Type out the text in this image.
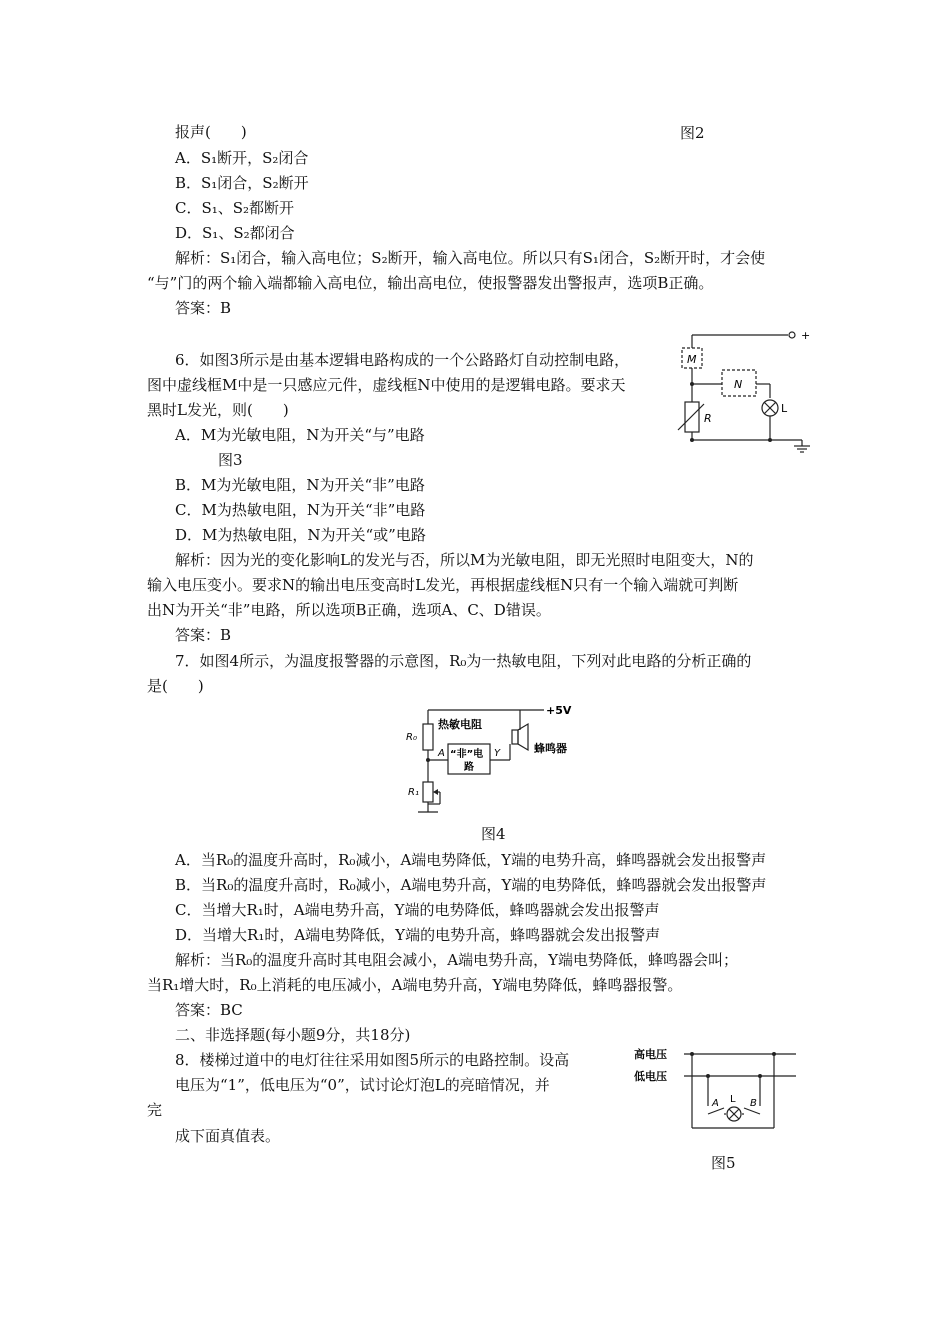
报声(　　)	图2
A．S₁断开，S₂闭合
B．S₁闭合，S₂断开
C．S₁、S₂都断开
D．S₁、S₂都闭合
解析：S₁闭合，输入高电位；S₂断开，输入高电位。所以只有S₁闭合，S₂断开时，才会使
“与”门的两个输入端都输入高电位，输出高电位，使报警器发出警报声，选项B正确。
答案：B
6．如图3所示是由基本逻辑电路构成的一个公路路灯自动控制电路，
图中虚线框M中是一只感应元件，虚线框N中使用的是逻辑电路。要求天
黑时L发光，则(　　)
A．M为光敏电阻，N为开关“与”电路
图3
B．M为光敏电阻，N为开关“非”电路
C．M为热敏电阻，N为开关“非”电路
D．M为热敏电阻，N为开关“或”电路
解析：因为光的变化影响L的发光与否，所以M为光敏电阻，即无光照时电阻变大，N的
输入电压变小。要求N的输出电压变高时L发光，再根据虚线框N只有一个输入端就可判断
出N为开关“非”电路，所以选项B正确，选项A、C、D错误。
答案：B
7．如图4所示，为温度报警器的示意图，R₀为一热敏电阻，下列对此电路的分析正确的
是(　　)
图4
A．当R₀的温度升高时，R₀减小，A端电势降低，Y端的电势升高，蜂鸣器就会发出报警声
B．当R₀的温度升高时，R₀减小，A端电势升高，Y端的电势降低，蜂鸣器就会发出报警声
C．当增大R₁时，A端电势升高，Y端的电势降低，蜂鸣器就会发出报警声
D．当增大R₁时，A端电势降低，Y端的电势升高，蜂鸣器就会发出报警声
解析：当R₀的温度升高时其电阻会减小，A端电势升高，Y端电势降低，蜂鸣器会叫；
当R₁增大时，R₀上消耗的电压减小，A端电势升高，Y端电势降低，蜂鸣器报警。
答案：BC
二、非选择题(每小题9分，共18分)
8．楼梯过道中的电灯往往采用如图5所示的电路控制。设高
电压为“1”，低电压为“0”，试讨论灯泡L的亮暗情况，并
完
成下面真值表。
图5
+
M
N
R
L
+5V
热敏电阻
R₀
A “非”电
路
Y	蜂鸣器
R₁
高电压
低电压
A L B
